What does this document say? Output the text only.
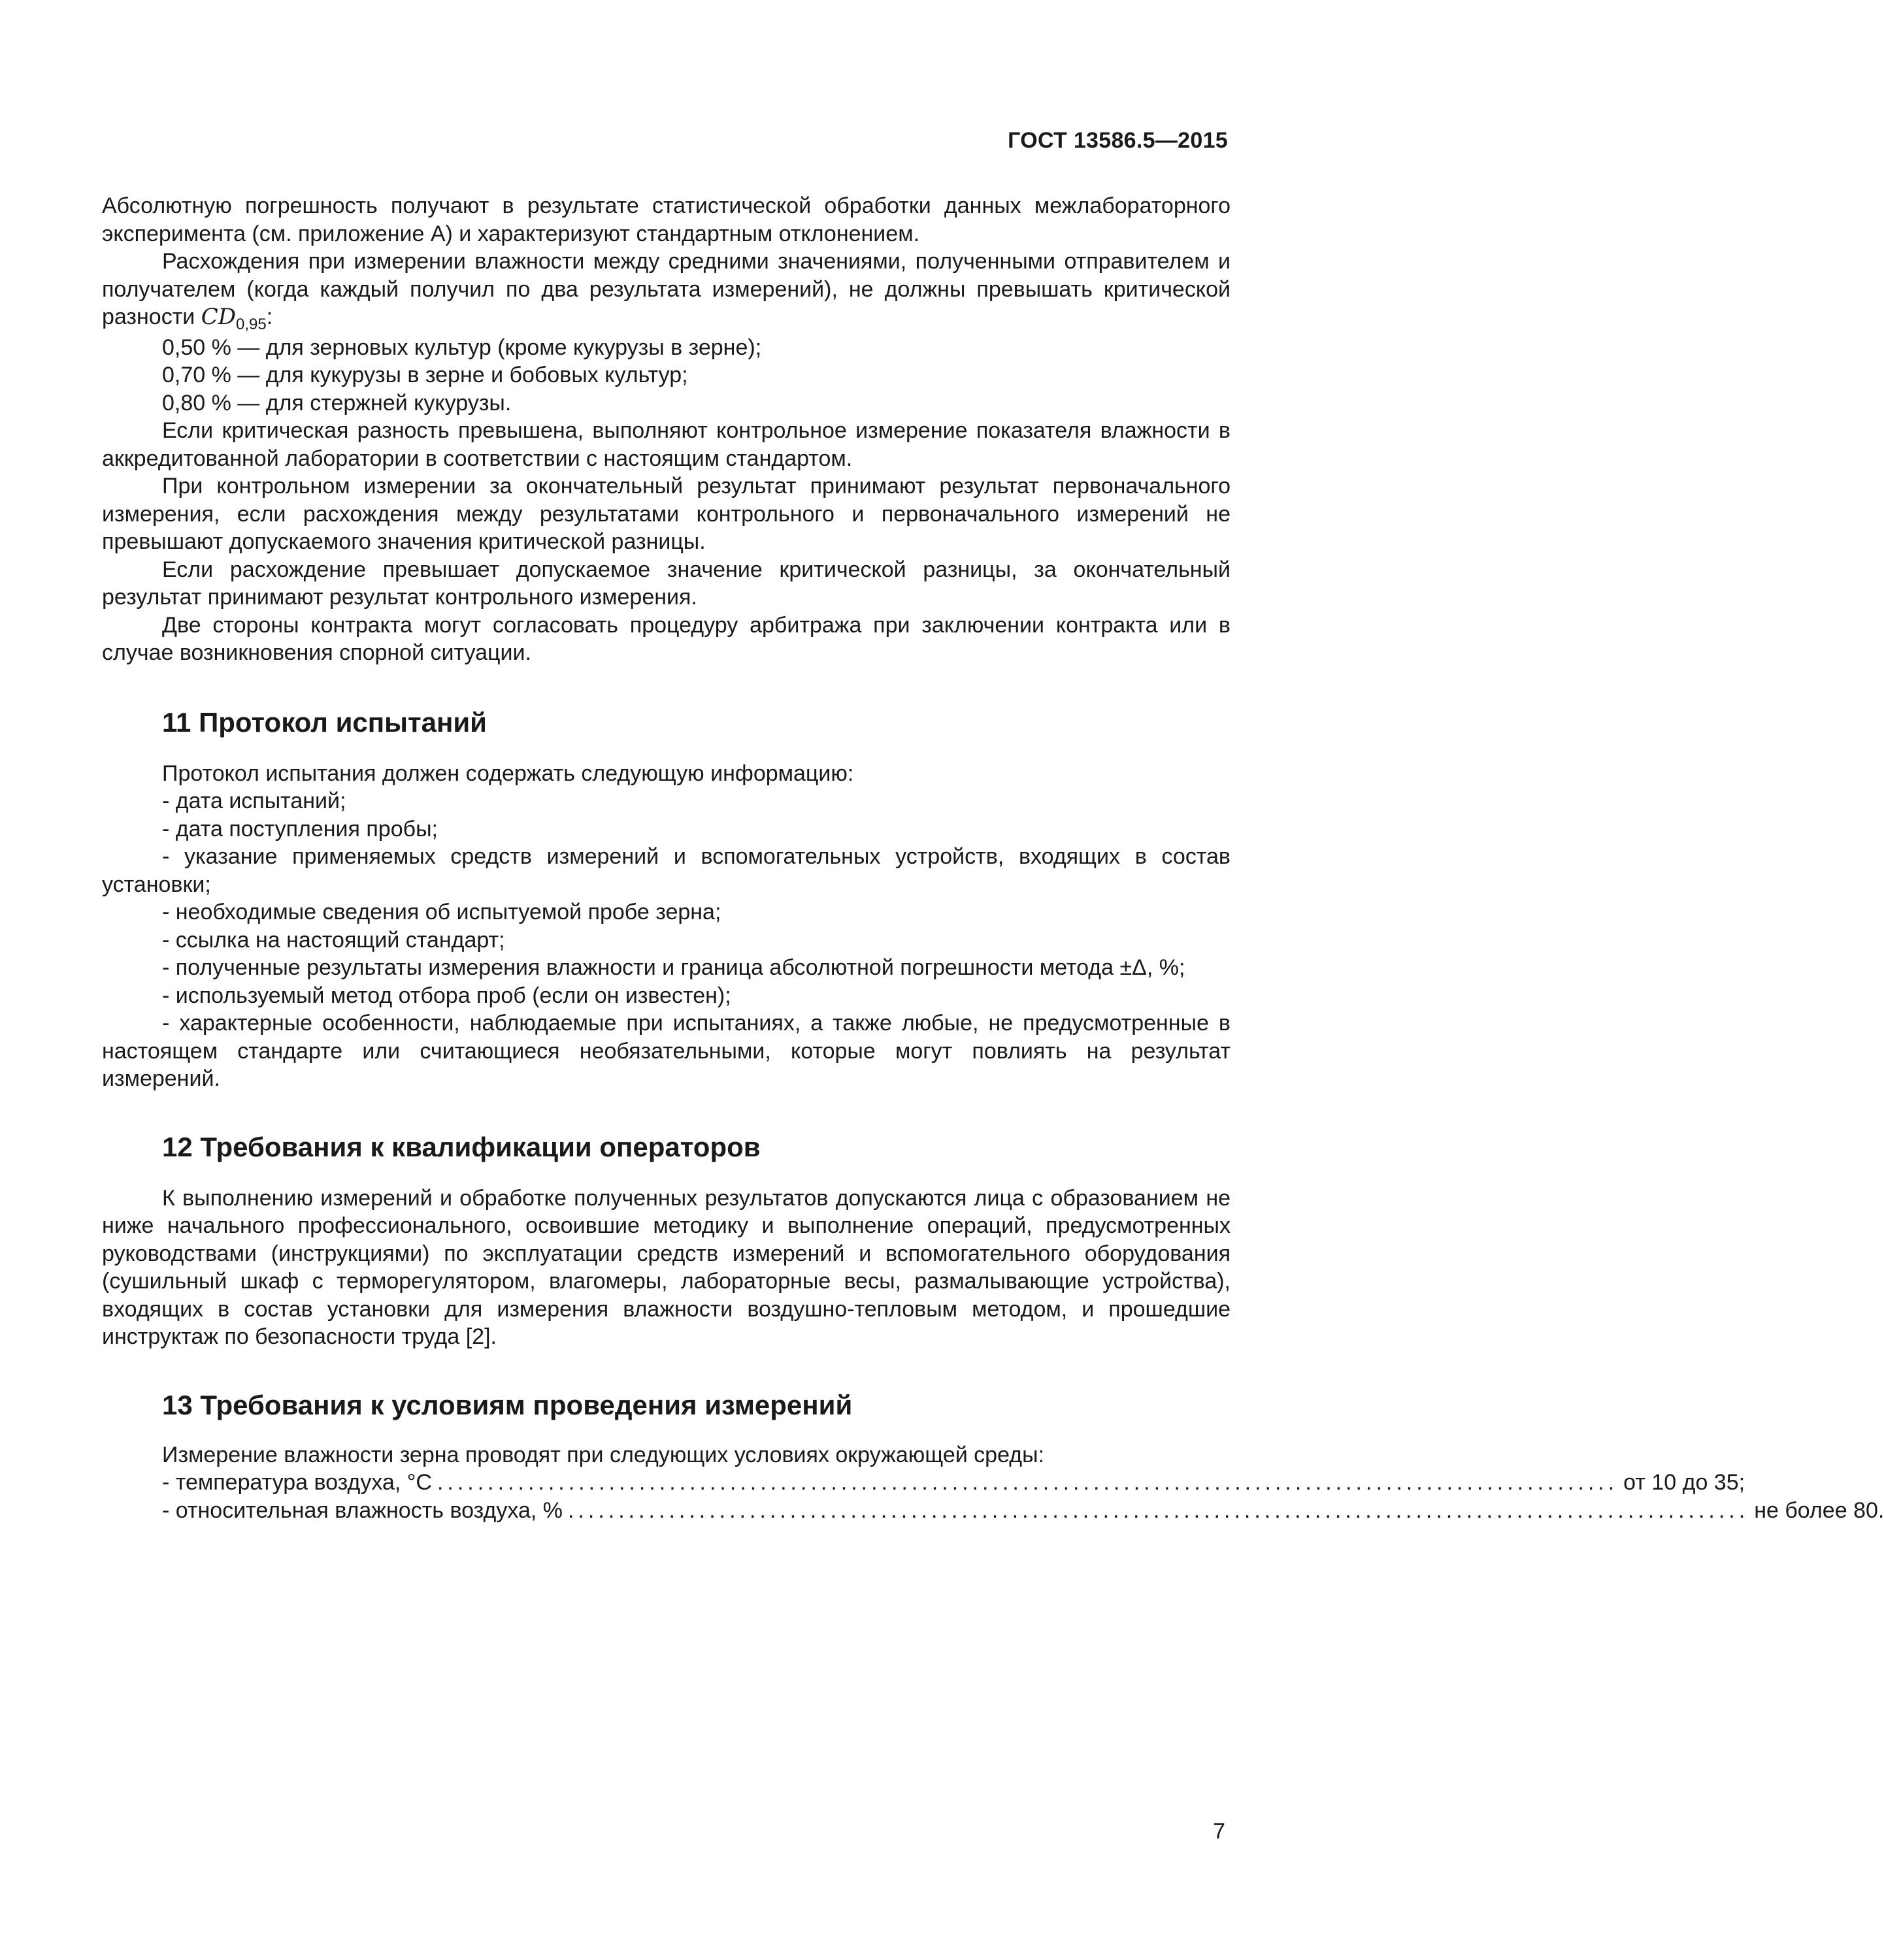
ГОСТ 13586.5—2015

Абсолютную погрешность получают в результате статистической обработки данных межлабораторного эксперимента (см. приложение А) и характеризуют стандартным отклонением.

Расхождения при измерении влажности между средними значениями, полученными отправителем и получателем (когда каждый получил по два результата измерений), не должны превышать критической разности $CD_{0,95}$:

0,50 % — для зерновых культур (кроме кукурузы в зерне);

0,70 % — для кукурузы в зерне и бобовых культур;

0,80 % — для стержней кукурузы.

Если критическая разность превышена, выполняют контрольное измерение показателя влажности в аккредитованной лаборатории в соответствии с настоящим стандартом.

При контрольном измерении за окончательный результат принимают результат первоначального измерения, если расхождения между результатами контрольного и первоначального измерений не превышают допускаемого значения критической разницы.

Если расхождение превышает допускаемое значение критической разницы, за окончательный результат принимают результат контрольного измерения.

Две стороны контракта могут согласовать процедуру арбитража при заключении контракта или в случае возникновения спорной ситуации.

11 Протокол испытаний

Протокол испытания должен содержать следующую информацию:

- дата испытаний;

- дата поступления пробы;

- указание применяемых средств измерений и вспомогательных устройств, входящих в состав установки;

- необходимые сведения об испытуемой пробе зерна;

- ссылка на настоящий стандарт;

- полученные результаты измерения влажности и граница абсолютной погрешности метода ±Δ, %;

- используемый метод отбора проб (если он известен);

- характерные особенности, наблюдаемые при испытаниях, а также любые, не предусмотренные в настоящем стандарте или считающиеся необязательными, которые могут повлиять на результат измерений.

12 Требования к квалификации операторов

К выполнению измерений и обработке полученных результатов допускаются лица с образованием не ниже начального профессионального, освоившие методику и выполнение операций, предусмотренных руководствами (инструкциями) по эксплуатации средств измерений и вспомогательного оборудования (сушильный шкаф с терморегулятором, влагомеры, лабораторные весы, размалывающие устройства), входящих в состав установки для измерения влажности воздушно-тепловым методом, и прошедшие инструктаж по безопасности труда [2].

13 Требования к условиям проведения измерений

Измерение влажности зерна проводят при следующих условиях окружающей среды:

- температура воздуха, °С ..................................................................................................................... от 10 до 35;
- относительная влажность воздуха, % ..................................................................................................................... не более 80.
7
